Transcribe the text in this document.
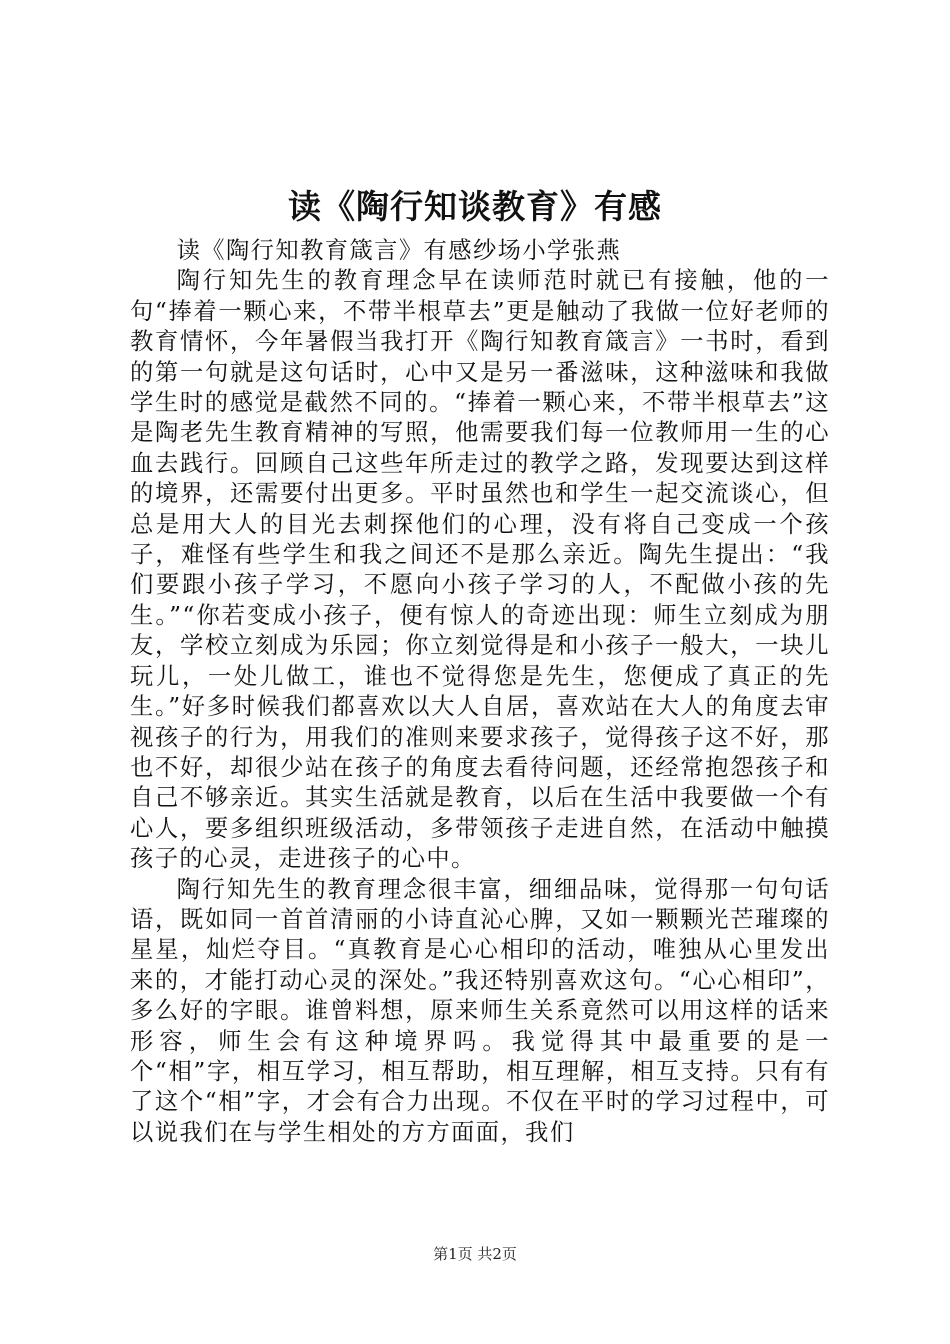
读《陶行知谈教育》有感

读《陶行知教育箴言》有感纱场小学张燕

陶行知先生的教育理念早在读师范时就已有接触，他的一句“捧着一颗心来，不带半根草去”更是触动了我做一位好老师的教育情怀，今年暑假当我打开《陶行知教育箴言》一书时，看到的第一句就是这句话时，心中又是另一番滋味，这种滋味和我做学生时的感觉是截然不同的。“捧着一颗心来，不带半根草去”这是陶老先生教育精神的写照，他需要我们每一位教师用一生的心血去践行。回顾自己这些年所走过的教学之路，发现要达到这样的境界，还需要付出更多。平时虽然也和学生一起交流谈心，但总是用大人的目光去刺探他们的心理，没有将自己变成一个孩子，难怪有些学生和我之间还不是那么亲近。陶先生提出：“我们要跟小孩子学习，不愿向小孩子学习的人，不配做小孩的先生。”“你若变成小孩子，便有惊人的奇迹出现：师生立刻成为朋友，学校立刻成为乐园；你立刻觉得是和小孩子一般大，一块儿玩儿，一处儿做工，谁也不觉得您是先生，您便成了真正的先生。”好多时候我们都喜欢以大人自居，喜欢站在大人的角度去审视孩子的行为，用我们的准则来要求孩子，觉得孩子这不好，那也不好，却很少站在孩子的角度去看待问题，还经常抱怨孩子和自己不够亲近。其实生活就是教育，以后在生活中我要做一个有心人，要多组织班级活动，多带领孩子走进自然，在活动中触摸孩子的心灵，走进孩子的心中。

陶行知先生的教育理念很丰富，细细品味，觉得那一句句话语，既如同一首首清丽的小诗直沁心脾，又如一颗颗光芒璀璨的星星，灿烂夺目。“真教育是心心相印的活动，唯独从心里发出来的，才能打动心灵的深处。”我还特别喜欢这句。“心心相印”，多么好的字眼。谁曾料想，原来师生关系竟然可以用这样的话来形容，师生会有这种境界吗。我觉得其中最重要的是一个“相”字，相互学习，相互帮助，相互理解，相互支持。只有有了这个“相”字，才会有合力出现。不仅在平时的学习过程中，可以说我们在与学生相处的方方面面，我们

第1页 共2页
